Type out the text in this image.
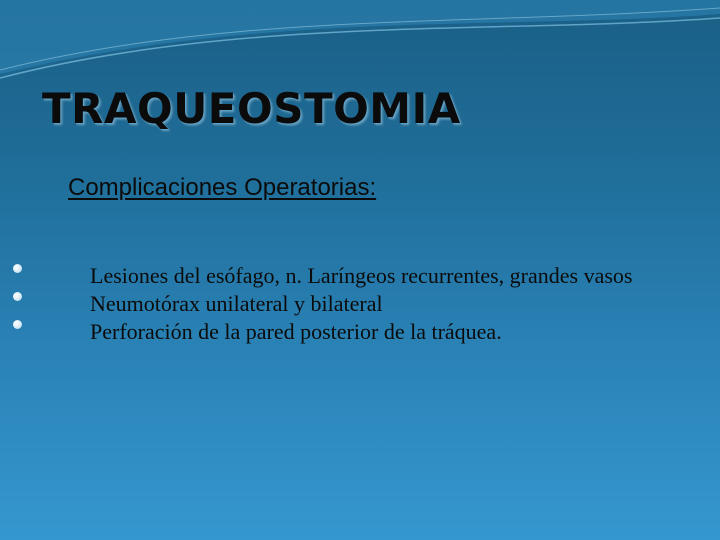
TRAQUEOSTOMIA

Complicaciones Operatorias:

Lesiones del esófago, n. Laríngeos recurrentes, grandes vasos
Neumotórax unilateral y bilateral
Perforación de la pared posterior de la tráquea.
